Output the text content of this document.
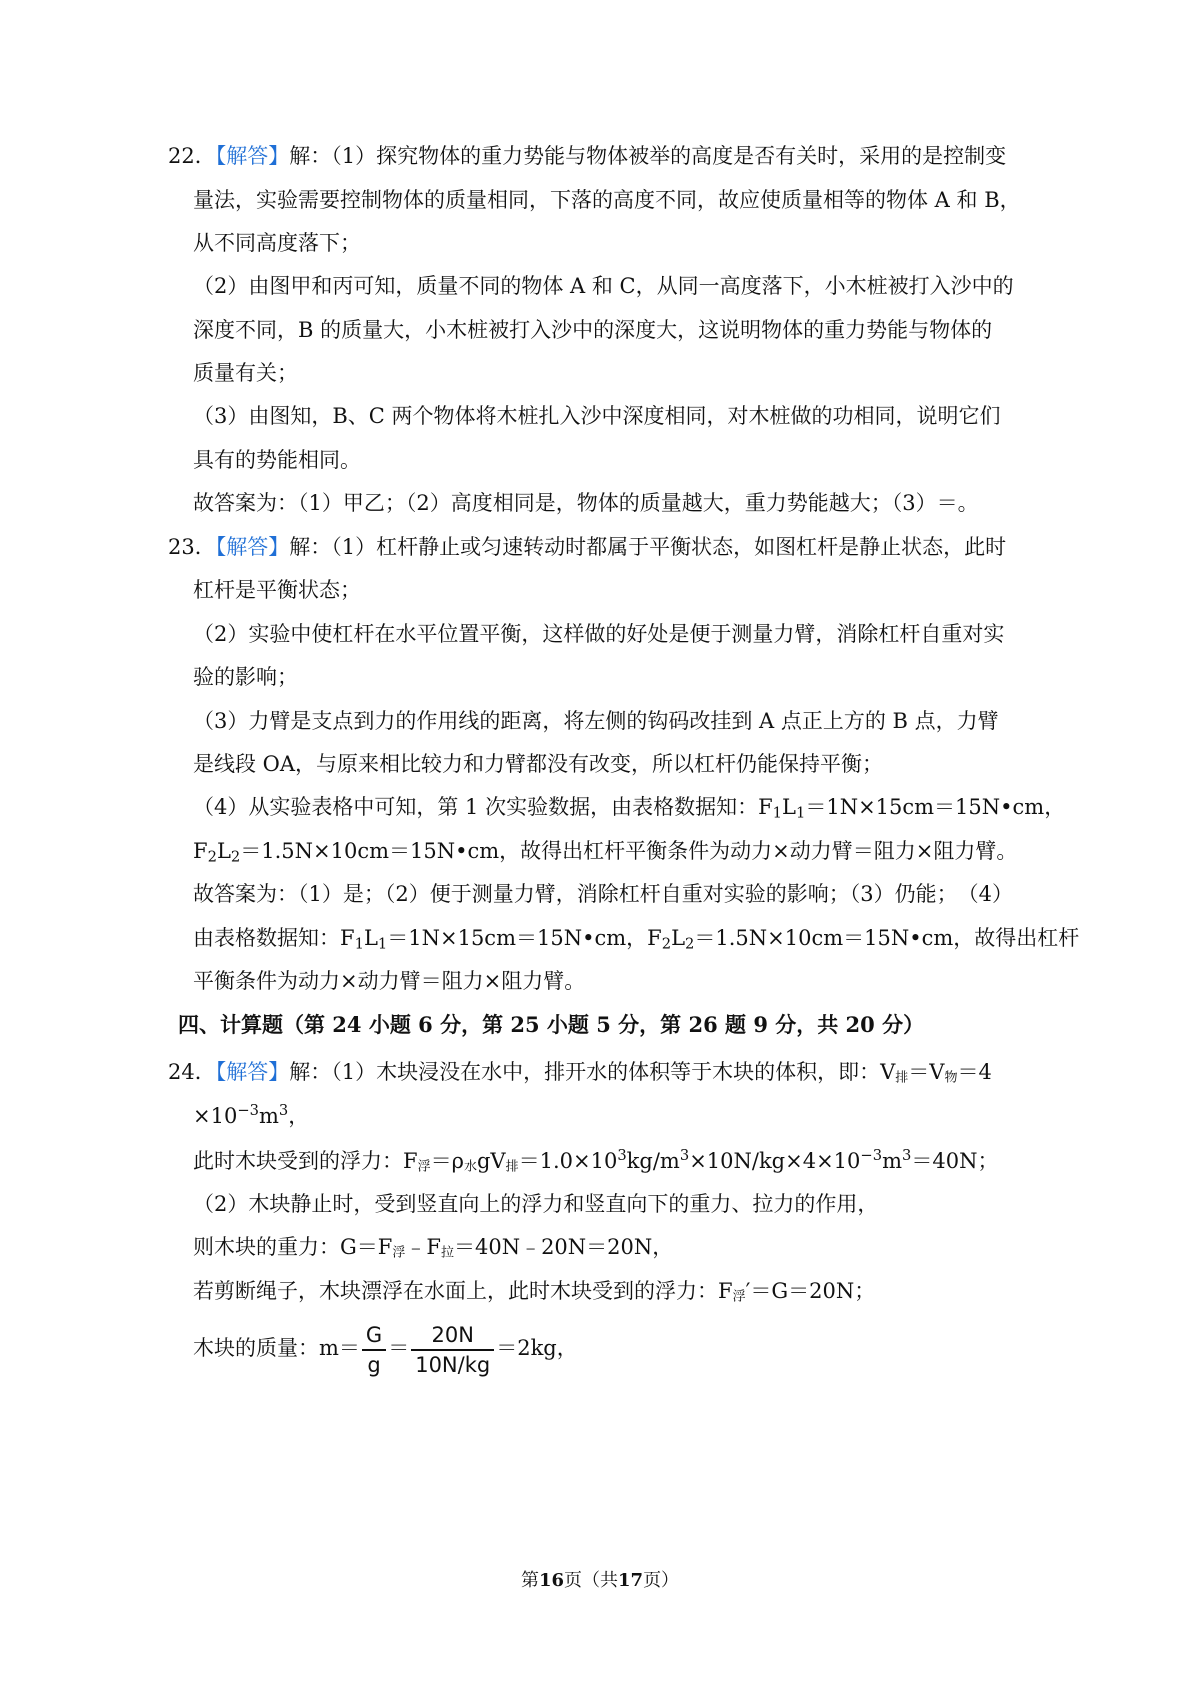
22．【解答】解：（1）探究物体的重力势能与物体被举的高度是否有关时，采用的是控制变
量法，实验需要控制物体的质量相同，下落的高度不同，故应使质量相等的物体 A 和 B，
从不同高度落下；
（2）由图甲和丙可知，质量不同的物体 A 和 C，从同一高度落下，小木桩被打入沙中的
深度不同，B 的质量大，小木桩被打入沙中的深度大，这说明物体的重力势能与物体的
质量有关；
（3）由图知，B、C 两个物体将木桩扎入沙中深度相同，对木桩做的功相同，说明它们
具有的势能相同。
故答案为：（1）甲乙；（2）高度相同是，物体的质量越大，重力势能越大；（3）＝。
23．【解答】解：（1）杠杆静止或匀速转动时都属于平衡状态，如图杠杆是静止状态，此时
杠杆是平衡状态；
（2）实验中使杠杆在水平位置平衡，这样做的好处是便于测量力臂，消除杠杆自重对实
验的影响；
（3）力臂是支点到力的作用线的距离，将左侧的钩码改挂到 A 点正上方的 B 点，力臂
是线段 OA，与原来相比较力和力臂都没有改变，所以杠杆仍能保持平衡；
（4）从实验表格中可知，第 1 次实验数据，由表格数据知：$F_1L_1=1N\times 15cm=15N•cm$，
$F_2L_2=1.5N\times 10cm=15N•cm$，故得出杠杆平衡条件为动力×动力臂＝阻力×阻力臂。
故答案为：（1）是；（2）便于测量力臂，消除杠杆自重对实验的影响；（3）仍能；　（4）
由表格数据知：$F_1L_1=1N\times 15cm=15N•cm$，$F_2L_2=1.5N\times 10cm=15N•cm$，故得出杠杆
平衡条件为动力×动力臂＝阻力×阻力臂。
四、计算题（第 24 小题 6 分，第 25 小题 5 分，第 26 题 9 分，共 20 分）
24．【解答】解：（1）木块浸没在水中，排开水的体积等于木块的体积，即：V排＝V物＝4
$\times 10^{-3}m^3$，
此时木块受到的浮力：F浮＝ρ水gV排$=1.0\times 10^3kg/m^3\times 10N/kg\times 4\times 10^{-3}m^3=40N$；
（2）木块静止时，受到竖直向上的浮力和竖直向下的重力、拉力的作用，
则木块的重力：G＝F浮﹣F拉＝40N﹣20N＝20N，
若剪断绳子，木块漂浮在水面上，此时木块受到的浮力：F浮′＝G＝20N；
木块的质量：$m= \frac{G}{g} = \frac{20N}{10N/kg} =2kg$，
第16页（共17页）
